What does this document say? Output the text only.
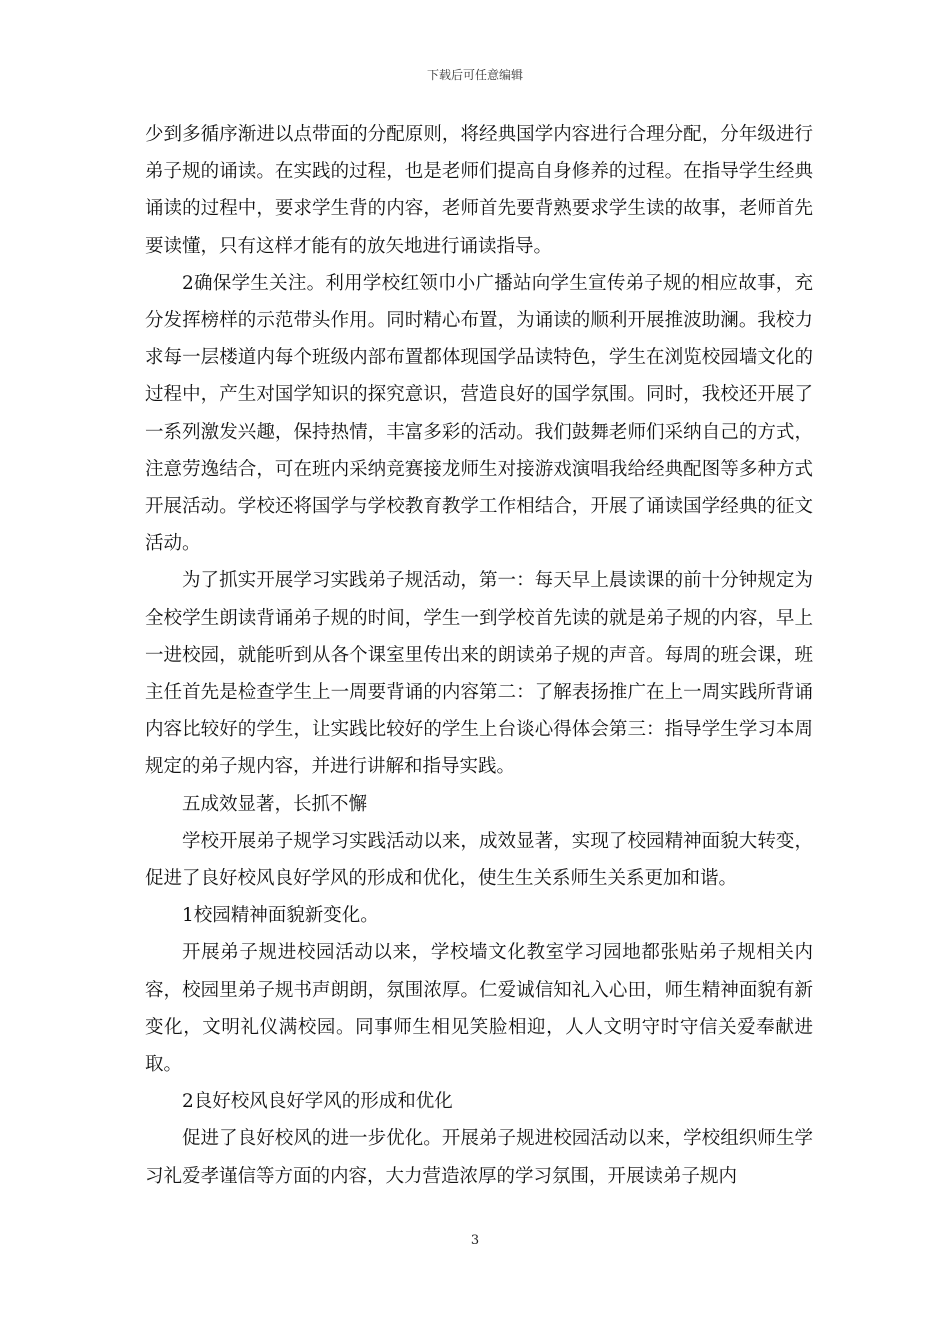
下载后可任意编辑

少到多循序渐进以点带面的分配原则，将经典国学内容进行合理分配，分年级进行弟子规的诵读。在实践的过程，也是老师们提高自身修养的过程。在指导学生经典诵读的过程中，要求学生背的内容，老师首先要背熟要求学生读的故事，老师首先要读懂，只有这样才能有的放矢地进行诵读指导。

2确保学生关注。利用学校红领巾小广播站向学生宣传弟子规的相应故事，充分发挥榜样的示范带头作用。同时精心布置，为诵读的顺利开展推波助澜。我校力求每一层楼道内每个班级内部布置都体现国学品读特色，学生在浏览校园墙文化的过程中，产生对国学知识的探究意识，营造良好的国学氛围。同时，我校还开展了一系列激发兴趣，保持热情，丰富多彩的活动。我们鼓舞老师们采纳自己的方式，注意劳逸结合，可在班内采纳竞赛接龙师生对接游戏演唱我给经典配图等多种方式开展活动。学校还将国学与学校教育教学工作相结合，开展了诵读国学经典的征文活动。

为了抓实开展学习实践弟子规活动，第一：每天早上晨读课的前十分钟规定为全校学生朗读背诵弟子规的时间，学生一到学校首先读的就是弟子规的内容，早上一进校园，就能听到从各个课室里传出来的朗读弟子规的声音。每周的班会课，班主任首先是检查学生上一周要背诵的内容第二：了解表扬推广在上一周实践所背诵内容比较好的学生，让实践比较好的学生上台谈心得体会第三：指导学生学习本周规定的弟子规内容，并进行讲解和指导实践。

五成效显著，长抓不懈

学校开展弟子规学习实践活动以来，成效显著，实现了校园精神面貌大转变，促进了良好校风良好学风的形成和优化，使生生关系师生关系更加和谐。

1校园精神面貌新变化。

开展弟子规进校园活动以来，学校墙文化教室学习园地都张贴弟子规相关内容，校园里弟子规书声朗朗，氛围浓厚。仁爱诚信知礼入心田，师生精神面貌有新变化，文明礼仪满校园。同事师生相见笑脸相迎，人人文明守时守信关爱奉献进取。

2良好校风良好学风的形成和优化

促进了良好校风的进一步优化。开展弟子规进校园活动以来，学校组织师生学习礼爱孝谨信等方面的内容，大力营造浓厚的学习氛围，开展读弟子规内

3
